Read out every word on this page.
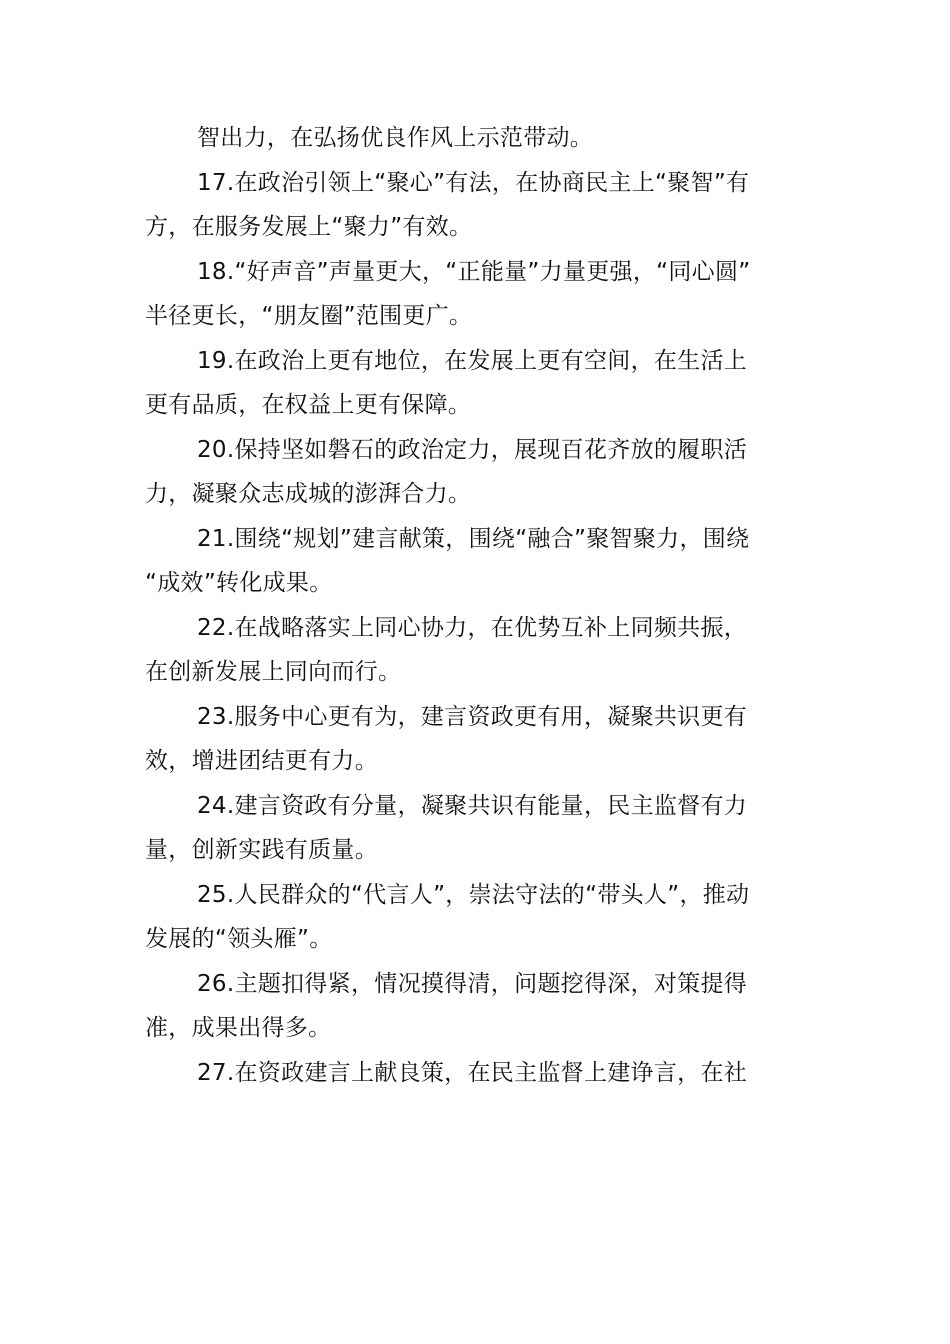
智出力，在弘扬优良作风上示范带动。
17.在政治引领上“聚心”有法，在协商民主上“聚智”有
方，在服务发展上“聚力”有效。
18.“好声音”声量更大，“正能量”力量更强，“同心圆”
半径更长，“朋友圈”范围更广。
19.在政治上更有地位，在发展上更有空间，在生活上
更有品质，在权益上更有保障。
20.保持坚如磐石的政治定力，展现百花齐放的履职活
力，凝聚众志成城的澎湃合力。
21.围绕“规划”建言献策，围绕“融合”聚智聚力，围绕
“成效”转化成果。
22.在战略落实上同心协力，在优势互补上同频共振，
在创新发展上同向而行。
23.服务中心更有为，建言资政更有用，凝聚共识更有
效，增进团结更有力。
24.建言资政有分量，凝聚共识有能量，民主监督有力
量，创新实践有质量。
25.人民群众的“代言人”，崇法守法的“带头人”，推动
发展的“领头雁”。
26.主题扣得紧，情况摸得清，问题挖得深，对策提得
准，成果出得多。
27.在资政建言上献良策，在民主监督上建诤言，在社
